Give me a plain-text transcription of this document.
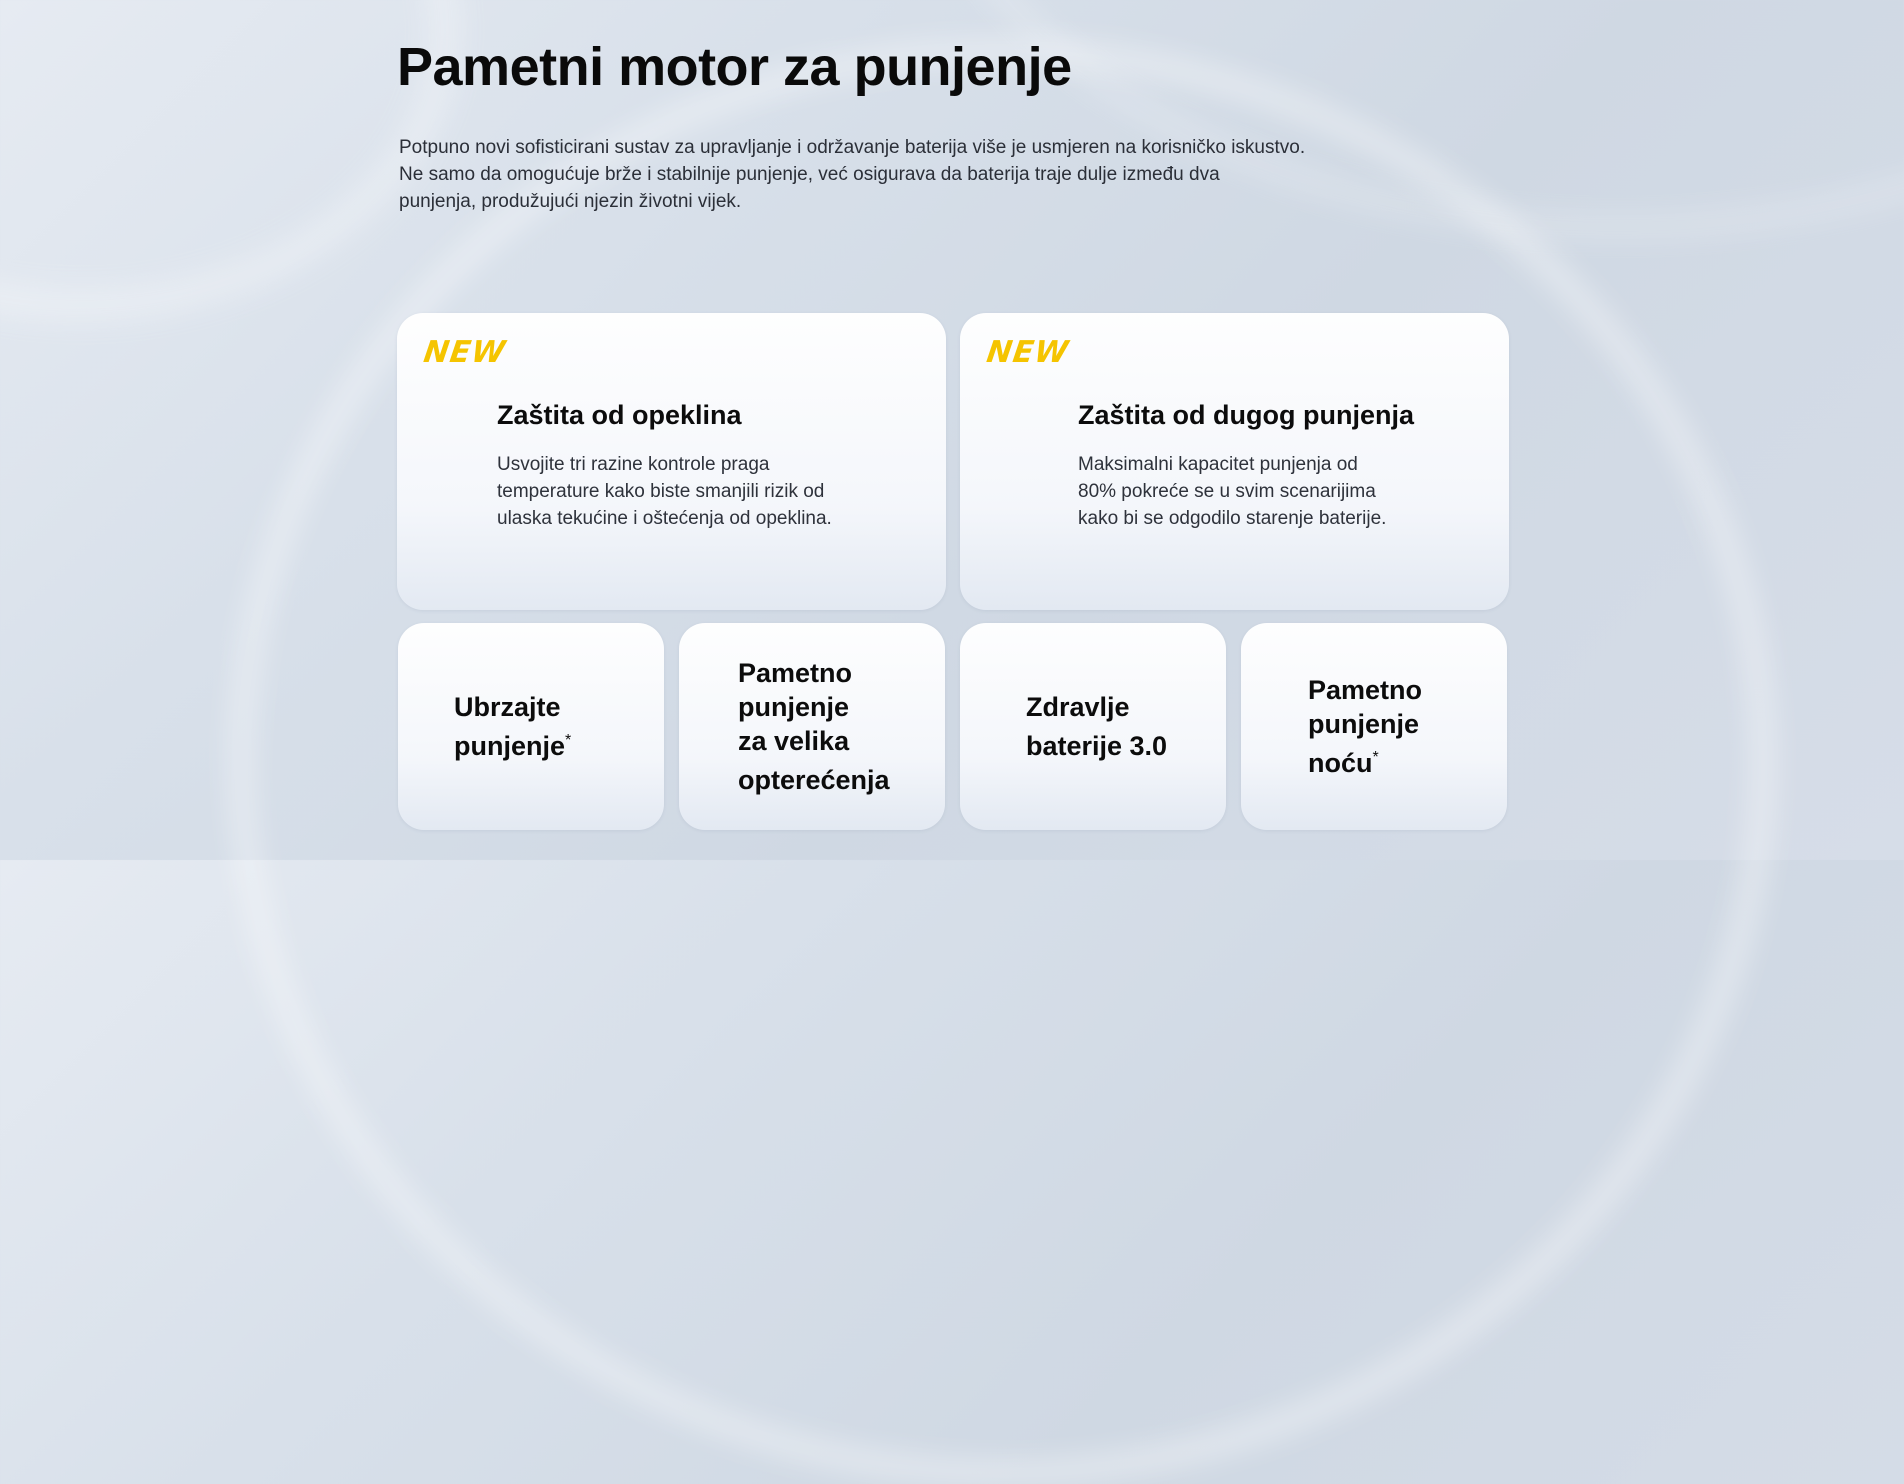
Pametni motor za punjenje

Potpuno novi sofisticirani sustav za upravljanje i održavanje baterija više je usmjeren na korisničko iskustvo.
Ne samo da omogućuje brže i stabilnije punjenje, već osigurava da baterija traje dulje između dva
punjenja, produžujući njezin životni vijek.

NEW
Zaštita od opeklina

Usvojite tri razine kontrole praga
temperature kako biste smanjili rizik od
ulaska tekućine i oštećenja od opeklina.

NEW
Zaštita od dugog punjenja

Maksimalni kapacitet punjenja od
80% pokreće se u svim scenarijima
kako bi se odgodilo starenje baterije.

Ubrzajte
punjenje*
Pametno
punjenje
za velika
opterećenja
Zdravlje
baterije 3.0
Pametno
punjenje
noću*
